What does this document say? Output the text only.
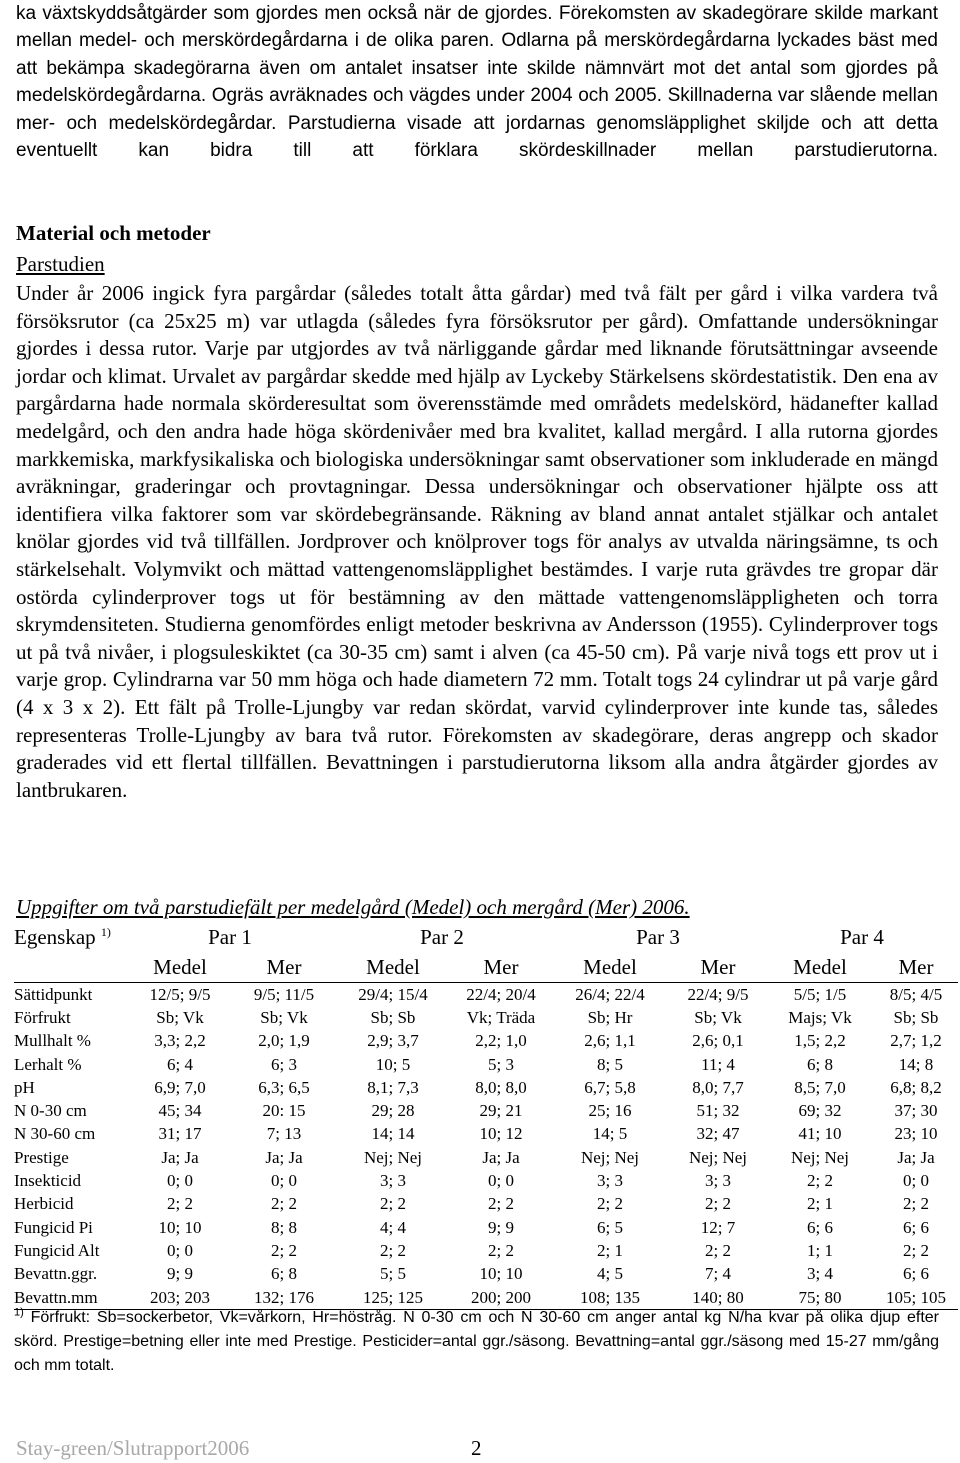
ka växtskyddsåtgärder som gjordes men också när de gjordes. Förekomsten av skadegörare skilde markant mellan medel- och merskördegårdarna i de olika paren. Odlarna på merskördegårdarna lyckades bäst med att bekämpa skadegörarna även om antalet insatser inte skilde nämnvärt mot det antal som gjordes på medelskördegårdarna. Ogräs avräknades och vägdes under 2004 och 2005. Skillnaderna var slående mellan mer- och medelskördegårdar. Parstudierna visade att jordarnas genomsläpplighet skiljde och att detta eventuellt kan bidra till att förklara skördeskillnader mellan parstudierutorna.

Material och metoder
Parstudien

Under år 2006 ingick fyra pargårdar (således totalt åtta gårdar) med två fält per gård i vilka vardera två försöksrutor (ca 25x25 m) var utlagda (således fyra försöksrutor per gård). Omfattande undersökningar gjordes i dessa rutor. Varje par utgjordes av två närliggande gårdar med liknande förutsättningar avseende jordar och klimat. Urvalet av pargårdar skedde med hjälp av Lyckeby Stärkelsens skördestatistik. Den ena av pargårdarna hade normala skörderesultat som överensstämde med områdets medelskörd, hädanefter kallad medelgård, och den andra hade höga skördenivåer med bra kvalitet, kallad mergård. I alla rutorna gjordes markkemiska, markfysikaliska och biologiska undersökningar samt observationer som inkluderade en mängd avräkningar, graderingar och provtagningar. Dessa undersökningar och observationer hjälpte oss att identifiera vilka faktorer som var skördebegränsande. Räkning av bland annat antalet stjälkar och antalet knölar gjordes vid två tillfällen. Jordprover och knölprover togs för analys av utvalda näringsämne, ts och stärkelsehalt. Volymvikt och mättad vattengenomsläpplighet bestämdes. I varje ruta grävdes tre gropar där ostörda cylinderprover togs ut för bestämning av den mättade vattengenomsläppligheten och torra skrymdensiteten. Studierna genomfördes enligt metoder beskrivna av Andersson (1955). Cylinderprover togs ut på två nivåer, i plogsuleskiktet (ca 30-35 cm) samt i alven (ca 45-50 cm). På varje nivå togs ett prov ut i varje grop. Cylindrarna var 50 mm höga och hade diametern 72 mm. Totalt togs 24 cylindrar ut på varje gård (4 x 3 x 2). Ett fält på Trolle-Ljungby var redan skördat, varvid cylinderprover inte kunde tas, således representeras Trolle-Ljungby av bara två rutor. Förekomsten av skadegörare, deras angrepp och skador graderades vid ett flertal tillfällen. Bevattningen i parstudierutorna liksom alla andra åtgärder gjordes av lantbrukaren.

Uppgifter om två parstudiefält per medelgård (Medel) och mergård (Mer) 2006.
Egenskap $^{1)}$	Par 1		Par 2		Par 3		Par 4	
	Medel	Mer	Medel	Mer	Medel	Mer	Medel	Mer
Sättidpunkt	12/5; 9/5	9/5; 11/5	29/4; 15/4	22/4; 20/4	26/4; 22/4	22/4; 9/5	5/5; 1/5	8/5; 4/5
Förfrukt	Sb; Vk	Sb; Vk	Sb; Sb	Vk; Träda	Sb; Hr	Sb; Vk	Majs; Vk	Sb; Sb
Mullhalt %	3,3; 2,2	2,0; 1,9	2,9; 3,7	2,2; 1,0	2,6; 1,1	2,6; 0,1	1,5; 2,2	2,7; 1,2
Lerhalt %	6; 4	6; 3	10; 5	5; 3	8; 5	11; 4	6; 8	14; 8
pH	6,9; 7,0	6,3; 6,5	8,1; 7,3	8,0; 8,0	6,7; 5,8	8,0; 7,7	8,5; 7,0	6,8; 8,2
N 0-30 cm	45; 34	20: 15	29; 28	29; 21	25; 16	51; 32	69; 32	37; 30
N 30-60 cm	31; 17	7; 13	14; 14	10; 12	14; 5	32; 47	41; 10	23; 10
Prestige	Ja; Ja	Ja; Ja	Nej; Nej	Ja; Ja	Nej; Nej	Nej; Nej	Nej; Nej	Ja; Ja
Insekticid	0; 0	0; 0	3; 3	0; 0	3; 3	3; 3	2; 2	0; 0
Herbicid	2; 2	2; 2	2; 2	2; 2	2; 2	2; 2	2; 1	2; 2
Fungicid Pi	10; 10	8; 8	4; 4	9; 9	6; 5	12; 7	6; 6	6; 6
Fungicid Alt	0; 0	2; 2	2; 2	2; 2	2; 1	2; 2	1; 1	2; 2
Bevattn.ggr.	9; 9	6; 8	5; 5	10; 10	4; 5	7; 4	3; 4	6; 6
Bevattn.mm	203; 203	132; 176	125; 125	200; 200	108; 135	140; 80	75; 80	105; 105

$^{1)}$ Förfrukt: Sb=sockerbetor, Vk=vårkorn, Hr=höstråg. N 0-30 cm och N 30-60 cm anger antal kg N/ha kvar på olika djup efter skörd. Prestige=betning eller inte med Prestige. Pesticider=antal ggr./säsong. Bevattning=antal ggr./säsong med 15-27 mm/gång och mm totalt.

Stay-green/Slutrapport2006	2
